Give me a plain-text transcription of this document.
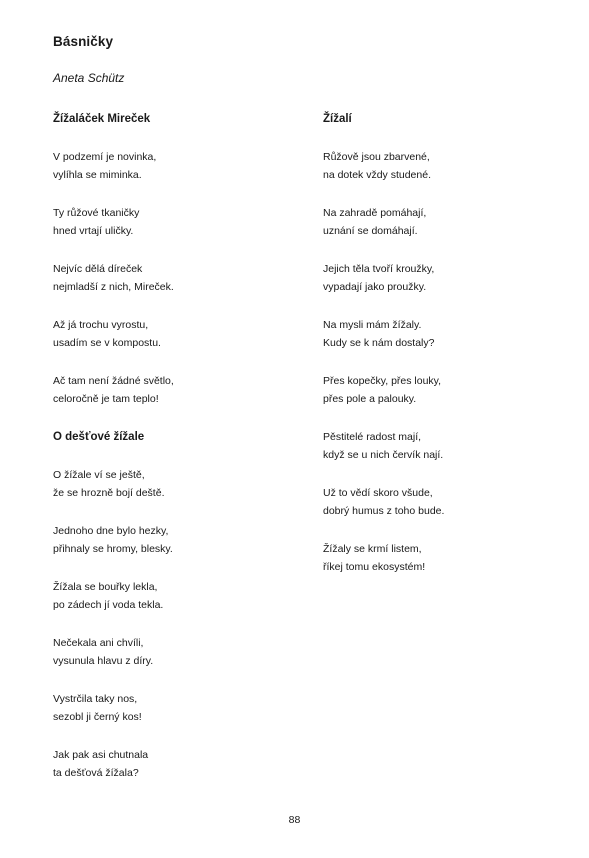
Básničky
Aneta Schütz
Žížaláček Mireček
V podzemí je novinka,
vylíhla se miminka.
Ty růžové tkaničky
hned vrtají uličky.
Nejvíc dělá díreček
nejmladší z nich, Mireček.
Až já trochu vyrostu,
usadím se v kompostu.
Ač tam není žádné světlo,
celoročně je tam teplo!
O dešťové žížale
O žížale ví se ještě,
že se hrozně bojí deště.
Jednoho dne bylo hezky,
přihnaly se hromy, blesky.
Žížala se bouřky lekla,
po zádech jí voda tekla.
Nečekala ani chvíli,
vysunula hlavu z díry.
Vystrčila taky nos,
sezobl ji černý kos!
Jak pak asi chutnala
ta dešťová žížala?
Žížalí
Růžově jsou zbarvené,
na dotek vždy studené.
Na zahradě pomáhají,
uznání se domáhají.
Jejich těla tvoří kroužky,
vypadají jako proužky.
Na mysli mám žížaly.
Kudy se k nám dostaly?
Přes kopečky, přes louky,
přes pole a palouky.
Pěstitelé radost mají,
když se u nich červík nají.
Už to vědí skoro všude,
dobrý humus z toho bude.
Žížaly se krmí listem,
říkej tomu ekosystém!
88
